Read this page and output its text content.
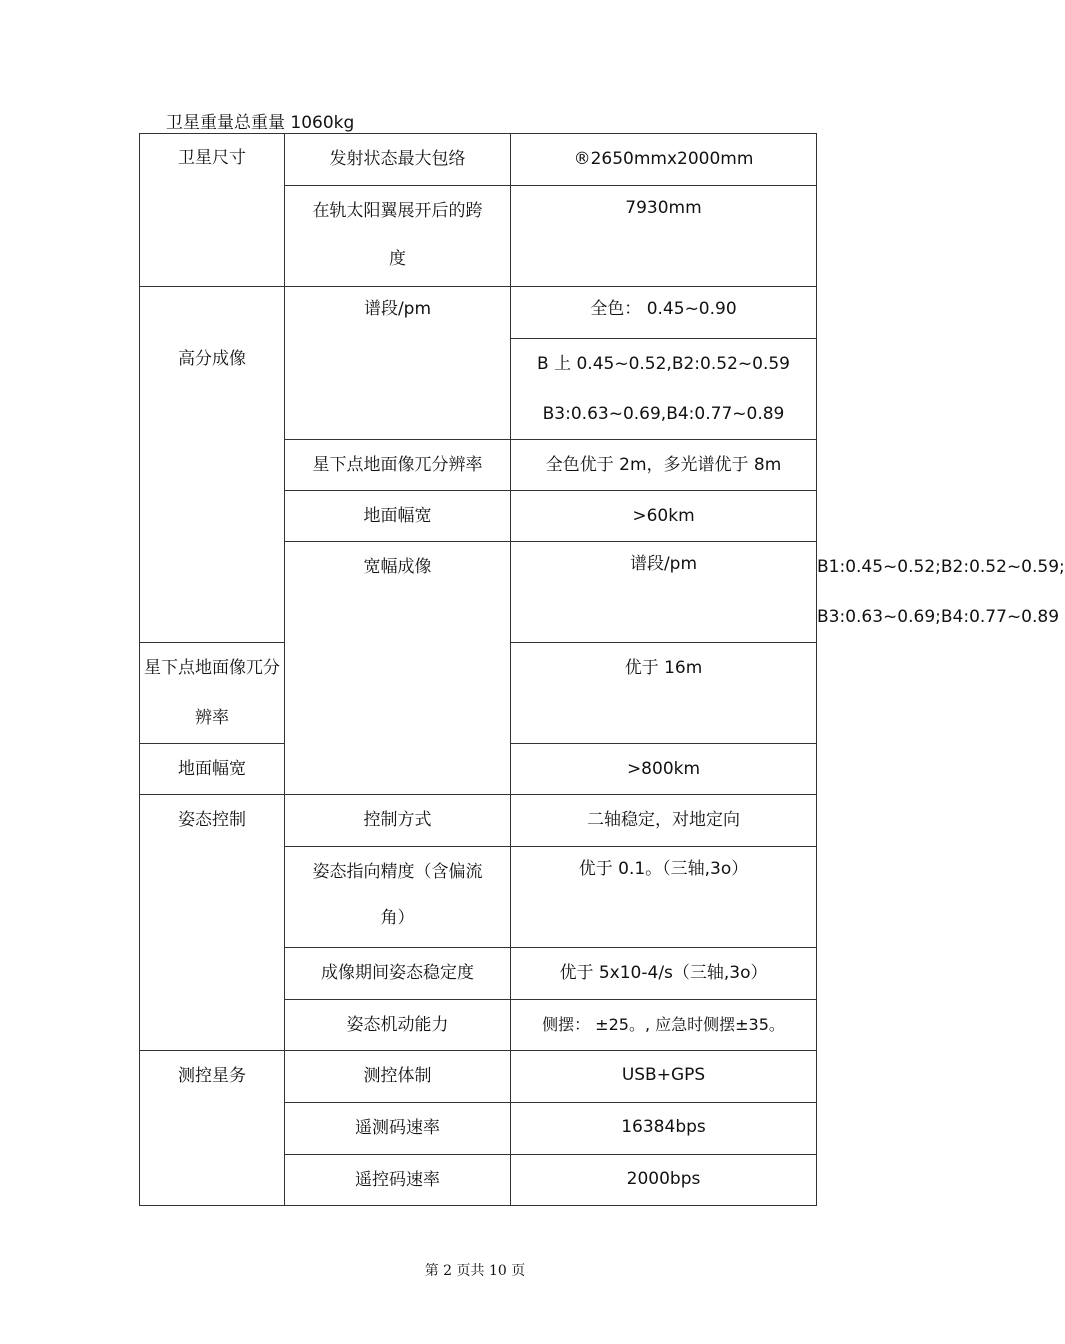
卫星重量总重量 1060kg
卫星尺寸	发射状态最大包络	®2650mmx2000mm	

	在轨太阳翼展开后的跨
度	7930mm	

高分成像	谱段/pm	全色： 0.45~0.90	

		B 上 0.45~0.52,B2:0.52~0.59
B3:0.63~0.69,B4:0.77~0.89	

	星下点地面像兀分辨率	全色优于 2m，多光谱优于 8m	

	地面幅宽	>60km	

	宽幅成像	谱段/pm	B1:0.45~0.52;B2:0.52~0.59;
B3:0.63~0.69;B4:0.77~0.89

星下点地面像兀分辨率		优于 16m	

地面幅宽		>800km	

姿态控制	控制方式	二轴稳定，对地定向	

	姿态指向精度（含偏流
角）	优于 0.1。（三轴,3o）	

	成像期间姿态稳定度	优于 5x10-4/s（三轴,3o）	

	姿态机动能力	侧摆： ±25。, 应急时侧摆±35。	

测控星务	测控体制	USB+GPS	

	遥测码速率	16384bps	

	遥控码速率	2000bps	
第 2 页共 10 页
